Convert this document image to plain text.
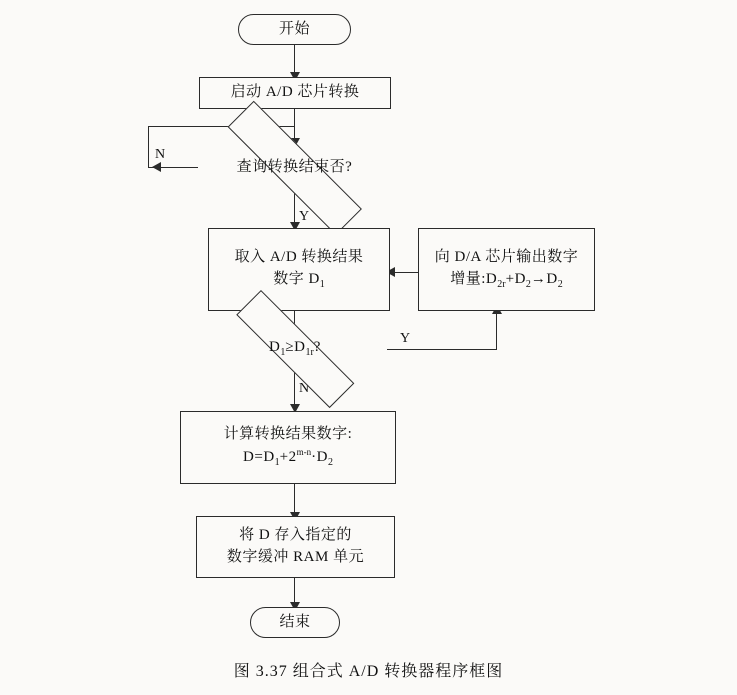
N
Y
Y
N
开始
启动 A/D 芯片转换
查询转换结束否?
取入 A/D 转换结果
数字 $D_1$
向 D/A 芯片输出数字
增量$:D_{2r}+D_2\to D_2$
$D_1\ge D_{1r}$?
计算转换结果数字:
$D=D_1+2^{m-n}\cdot D_2$
将 D 存入指定的
数字缓冲 RAM 单元
结束
图 3.37 组合式 A/D 转换器程序框图
